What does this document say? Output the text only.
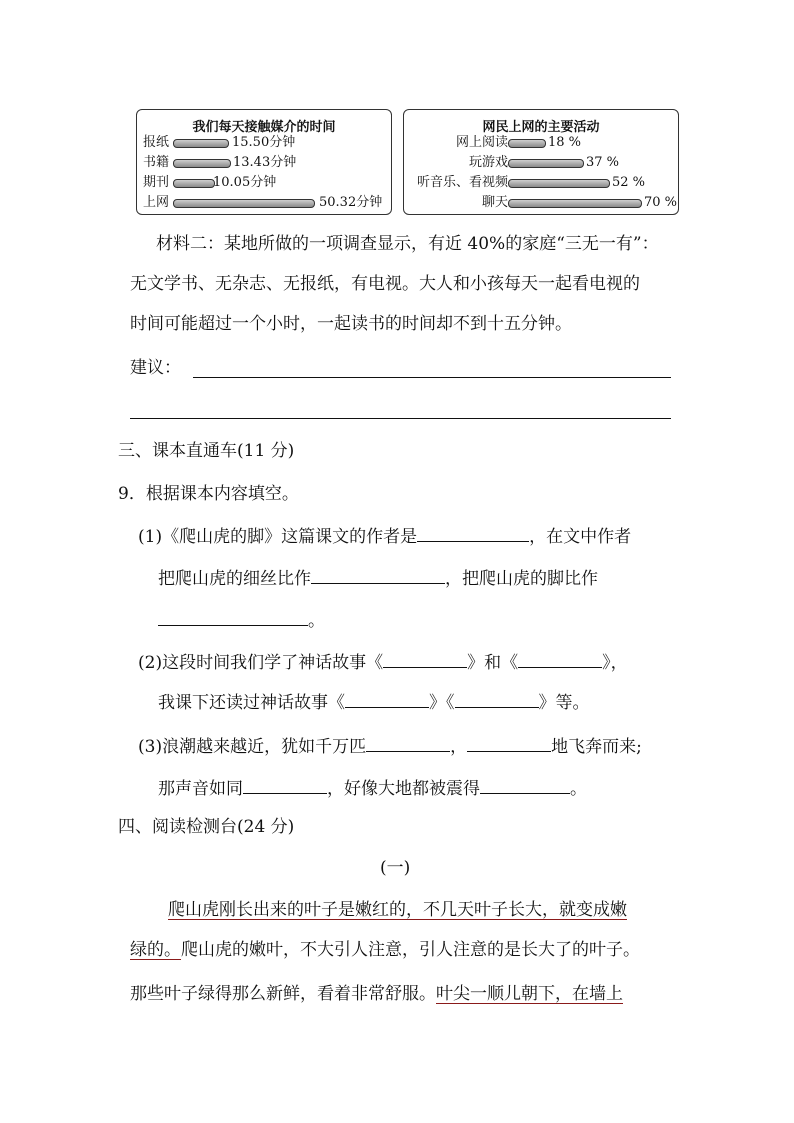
我们每天接触媒介的时间
报纸	15.50分钟
书籍	13.43分钟
期刊	10.05分钟
上网	50.32分钟
网民上网的主要活动
网上阅读	18 %
玩游戏	37 %
听音乐、看视频	52 %
聊天	70 %
材料二：某地所做的一项调查显示，有近 40%的家庭“三无一有”：
无文学书、无杂志、无报纸，有电视。大人和小孩每天一起看电视的
时间可能超过一个小时，一起读书的时间却不到十五分钟。
建议：
三、课本直通车(11 分)
9．根据课本内容填空。
(1)《爬山虎的脚》这篇课文的作者是	，在文中作者
把爬山虎的细丝比作	，把爬山虎的脚比作
。
(2)这段时间我们学了神话故事《	》和《	》，
我课下还读过神话故事《	》《	》等。
(3)浪潮越来越近，犹如千万匹	，	地飞奔而来;
那声音如同	，好像大地都被震得	。
四、阅读检测台(24 分)
(一)
爬山虎刚长出来的叶子是嫩红的，不几天叶子长大，就变成嫩
绿的。爬山虎的嫩叶，不大引人注意，引人注意的是长大了的叶子。
那些叶子绿得那么新鲜，看着非常舒服。叶尖一顺儿朝下，在墙上
